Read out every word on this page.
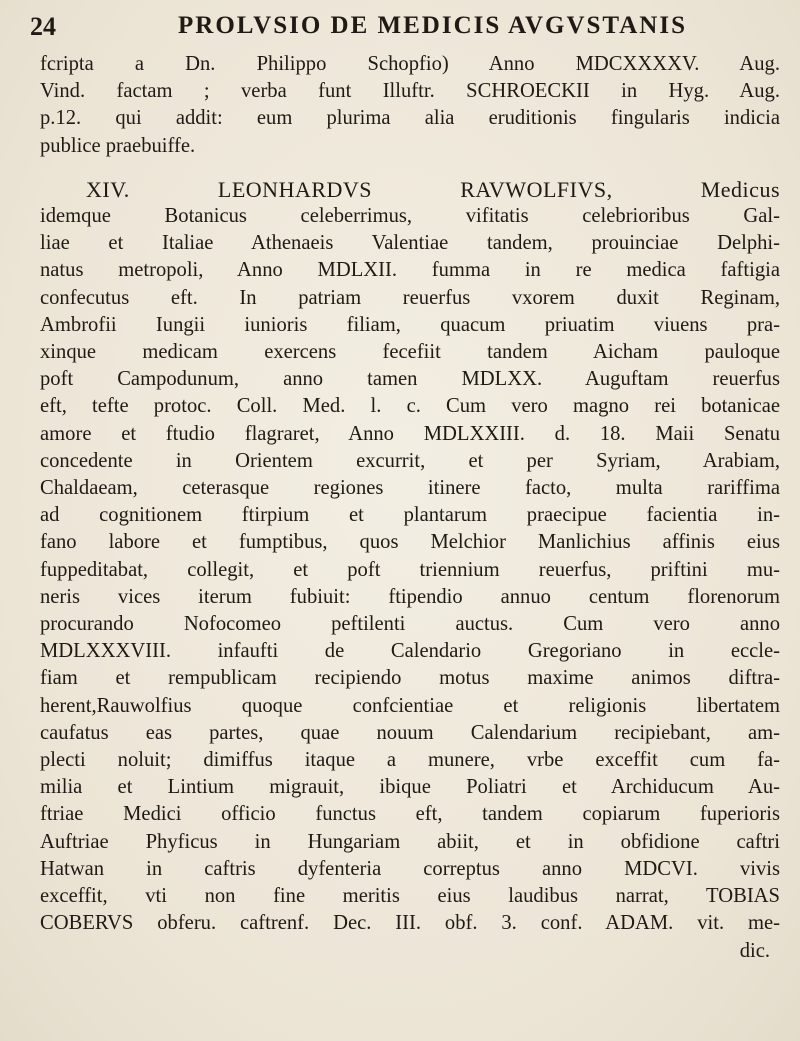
24	PROLVSIO DE MEDICIS AVGVSTANIS

fcripta a Dn. Philippo Schopfio) Anno MDCXXXXV. Aug.
Vind. factam ; verba funt Illuftr. SCHROECKII in Hyg. Aug.
p.12. qui addit: eum plurima alia eruditionis fingularis indicia
publice praebuiffe.

XIV. LEONHARDVS RAVWOLFIVS, Medicus
idemque Botanicus celeberrimus, vifitatis celebrioribus Gal-
liae et Italiae Athenaeis Valentiae tandem, prouinciae Delphi-
natus metropoli, Anno MDLXII. fumma in re medica faftigia
confecutus eft. In patriam reuerfus vxorem duxit Reginam,
Ambrofii Iungii iunioris filiam, quacum priuatim viuens pra-
xinque medicam exercens fecefiit tandem Aicham pauloque
poft Campodunum, anno tamen MDLXX. Auguftam reuerfus
eft, tefte protoc. Coll. Med. l. c. Cum vero magno rei botanicae
amore et ftudio flagraret, Anno MDLXXIII. d. 18. Maii Senatu
concedente in Orientem excurrit, et per Syriam, Arabiam,
Chaldaeam, ceterasque regiones itinere facto, multa rariffima
ad cognitionem ftirpium et plantarum praecipue facientia in-
fano labore et fumptibus, quos Melchior Manlichius affinis eius
fuppeditabat, collegit, et poft triennium reuerfus, priftini mu-
neris vices iterum fubiuit: ftipendio annuo centum florenorum
procurando Nofocomeo peftilenti auctus. Cum vero anno
MDLXXXVIII. infaufti de Calendario Gregoriano in eccle-
fiam et rempublicam recipiendo motus maxime animos diftra-
herent,Rauwolfius quoque confcientiae et religionis libertatem
caufatus eas partes, quae nouum Calendarium recipiebant, am-
plecti noluit; dimiffus itaque a munere, vrbe exceffit cum fa-
milia et Lintium migrauit, ibique Poliatri et Archiducum Au-
ftriae Medici officio functus eft, tandem copiarum fuperioris
Auftriae Phyficus in Hungariam abiit, et in obfidione caftri
Hatwan in caftris dyfenteria correptus anno MDCVI. vivis
exceffit, vti non fine meritis eius laudibus narrat, TOBIAS
COBERVS obferu. caftrenf. Dec. III. obf. 3. conf. ADAM. vit. me-

dic.
